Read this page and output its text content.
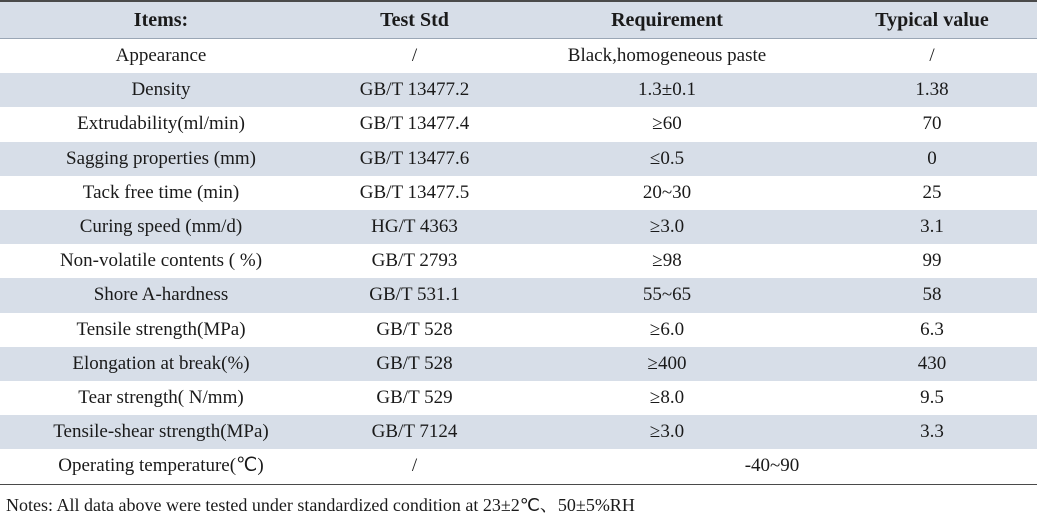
Items:	Test Std	Requirement	Typical value
Appearance	/	Black,homogeneous paste	/
Density	GB/T 13477.2	1.3±0.1	1.38
Extrudability(ml/min)	GB/T 13477.4	≥60	70
Sagging properties (mm)	GB/T 13477.6	≤0.5	0
Tack free time (min)	GB/T 13477.5	20~30	25
Curing speed (mm/d)	HG/T 4363	≥3.0	3.1
Non-volatile contents ( %)	GB/T 2793	≥98	99
Shore A-hardness	GB/T 531.1	55~65	58
Tensile strength(MPa)	GB/T 528	≥6.0	6.3
Elongation at break(%)	GB/T 528	≥400	430
Tear strength( N/mm)	GB/T 529	≥8.0	9.5
Tensile-shear strength(MPa)	GB/T 7124	≥3.0	3.3
Operating temperature(℃)	/	-40~90	
Notes: All data above were tested under standardized condition at 23±2℃、50±5%RH
